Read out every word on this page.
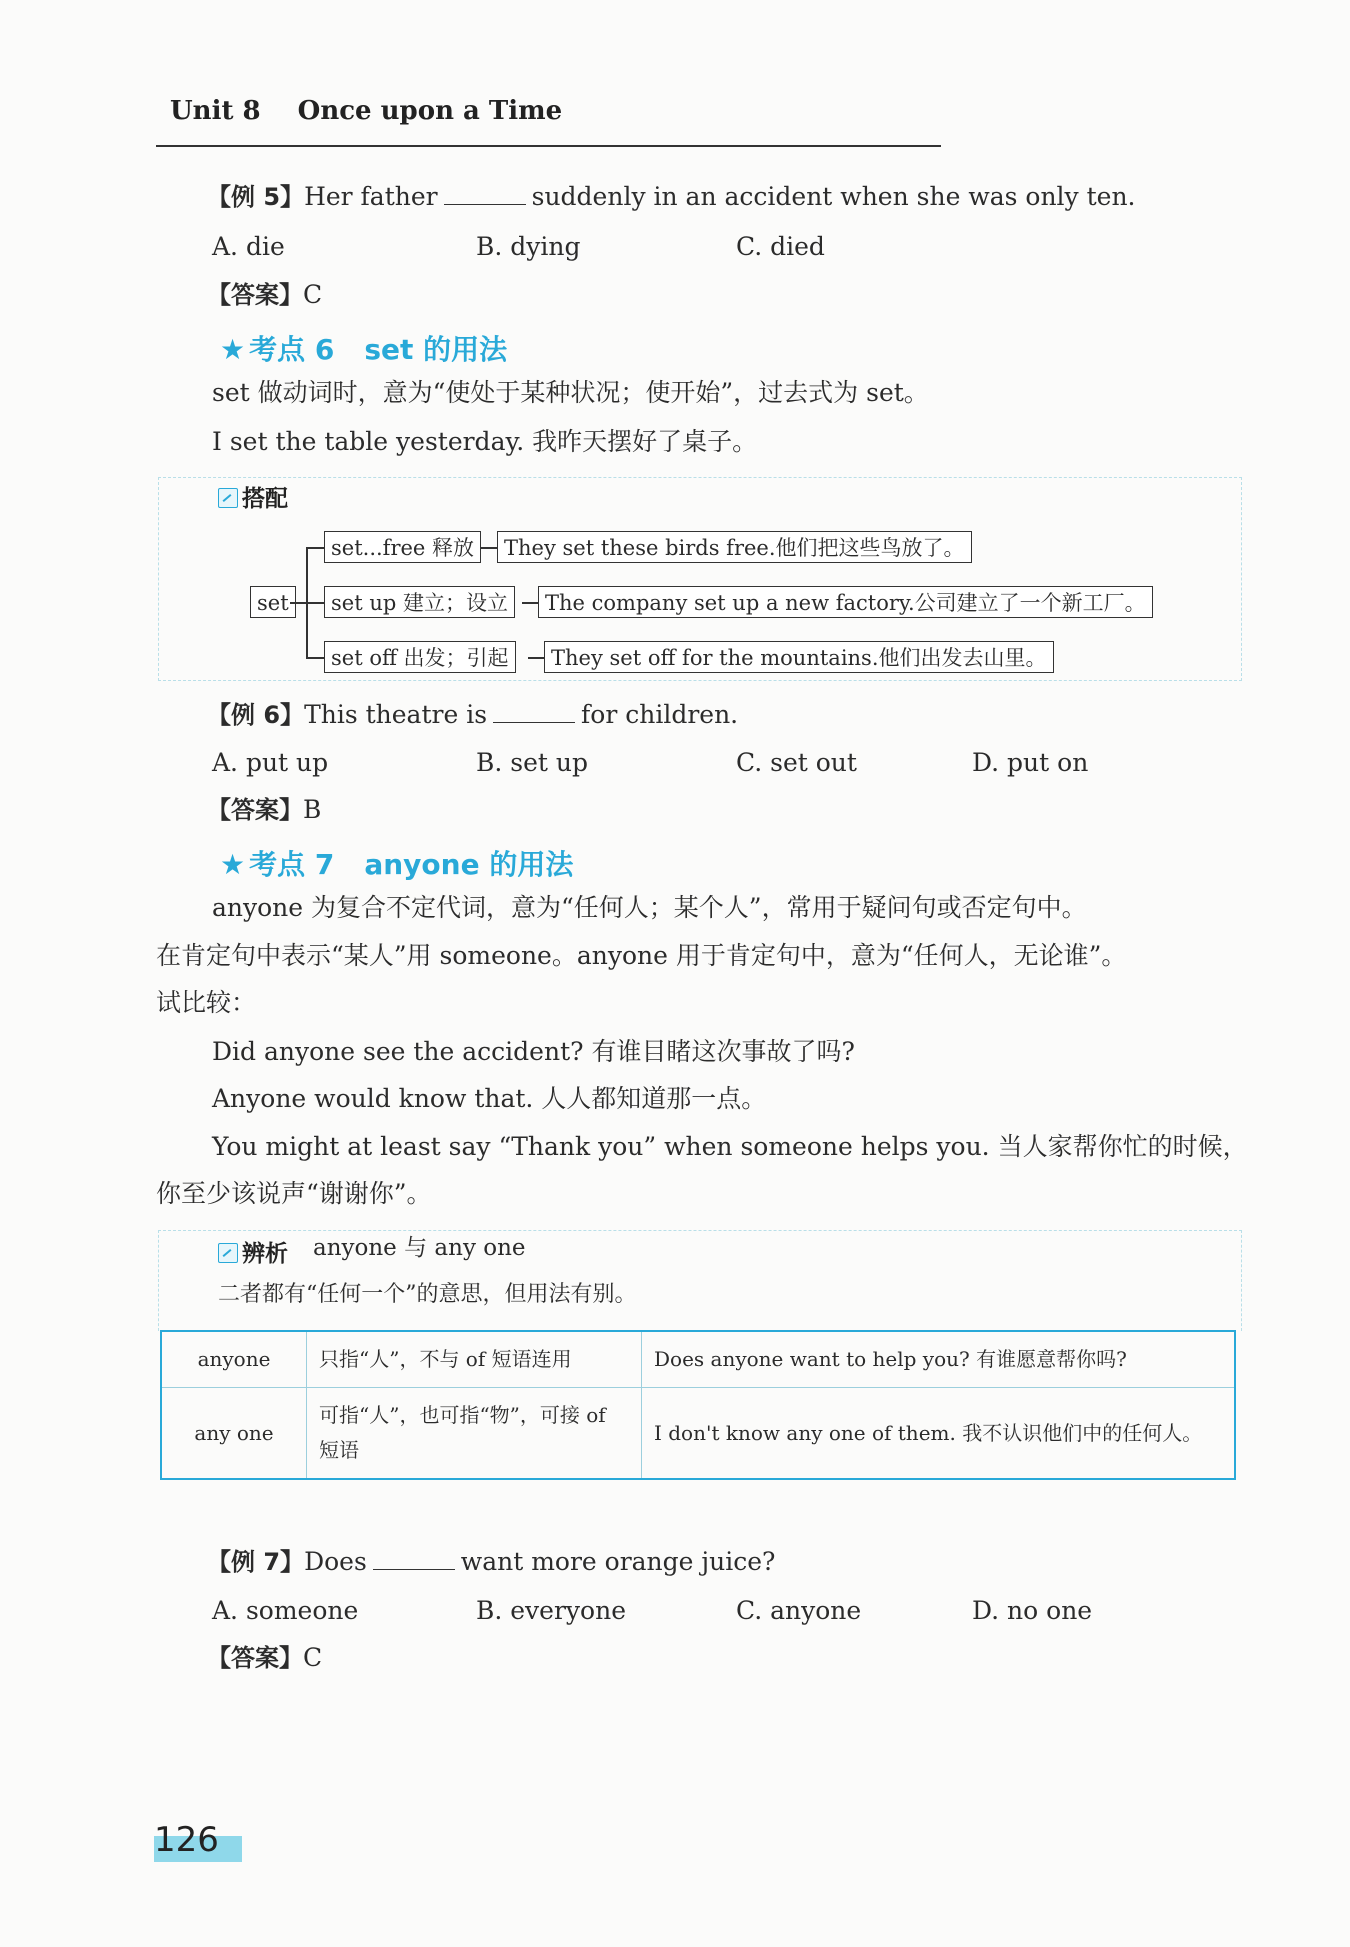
Unit 8 Once upon a Time
【例 5】Her father	suddenly in an accident when she was only ten.
A. die	B. dying	C. died
【答案】C
★ 考点 6 set 的用法
set 做动词时，意为“使处于某种状况；使开始”，过去式为 set。
I set the table yesterday. 我昨天摆好了桌子。
搭配
set
set...free 释放	They set these birds free.他们把这些鸟放了。
set up 建立；设立	The company set up a new factory.公司建立了一个新工厂。
set off 出发；引起	They set off for the mountains.他们出发去山里。
【例 6】This theatre is	for children.
A. put up	B. set up	C. set out	D. put on
【答案】B
★ 考点 7 anyone 的用法
anyone 为复合不定代词，意为“任何人；某个人”，常用于疑问句或否定句中。
在肯定句中表示“某人”用 someone。anyone 用于肯定句中，意为“任何人，无论谁”。
试比较：
Did anyone see the accident? 有谁目睹这次事故了吗?
Anyone would know that. 人人都知道那一点。
You might at least say “Thank you” when someone helps you. 当人家帮你忙的时候，
你至少该说声“谢谢你”。
辨析 anyone 与 any one
二者都有“任何一个”的意思，但用法有别。
anyone	只指“人”，不与 of 短语连用	Does anyone want to help you? 有谁愿意帮你吗?
any one	可指“人”，也可指“物”，可接 of 短语	I don't know any one of them. 我不认识他们中的任何人。
【例 7】Does	want more orange juice?
A. someone	B. everyone	C. anyone	D. no one
【答案】C
126
